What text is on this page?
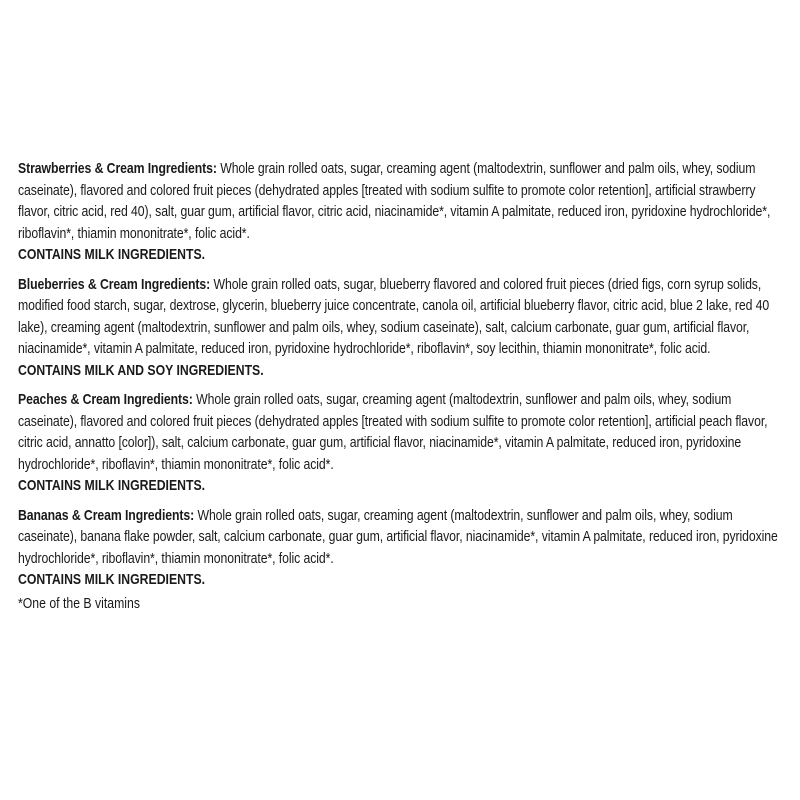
Strawberries & Cream Ingredients: Whole grain rolled oats, sugar, creaming agent (maltodextrin, sunflower and palm oils, whey, sodium caseinate), flavored and colored fruit pieces (dehydrated apples [treated with sodium sulfite to promote color retention], artificial strawberry flavor, citric acid, red 40), salt, guar gum, artificial flavor, citric acid, niacinamide*, vitamin A palmitate, reduced iron, pyridoxine hydrochloride*, riboflavin*, thiamin mononitrate*, folic acid*.
CONTAINS MILK INGREDIENTS.
Blueberries & Cream Ingredients: Whole grain rolled oats, sugar, blueberry flavored and colored fruit pieces (dried figs, corn syrup solids, modified food starch, sugar, dextrose, glycerin, blueberry juice concentrate, canola oil, artificial blueberry flavor, citric acid, blue 2 lake, red 40 lake), creaming agent (maltodextrin, sunflower and palm oils, whey, sodium caseinate), salt, calcium carbonate, guar gum, artificial flavor, niacinamide*, vitamin A palmitate, reduced iron, pyridoxine hydrochloride*, riboflavin*, soy lecithin, thiamin mononitrate*, folic acid.
CONTAINS MILK AND SOY INGREDIENTS.
Peaches & Cream Ingredients: Whole grain rolled oats, sugar, creaming agent (maltodextrin, sunflower and palm oils, whey, sodium caseinate), flavored and colored fruit pieces (dehydrated apples [treated with sodium sulfite to promote color retention], artificial peach flavor, citric acid, annatto [color]), salt, calcium carbonate, guar gum, artificial flavor, niacinamide*, vitamin A palmitate, reduced iron, pyridoxine hydrochloride*, riboflavin*, thiamin mononitrate*, folic acid*.
CONTAINS MILK INGREDIENTS.
Bananas & Cream Ingredients: Whole grain rolled oats, sugar, creaming agent (maltodextrin, sunflower and palm oils, whey, sodium caseinate), banana flake powder, salt, calcium carbonate, guar gum, artificial flavor, niacinamide*, vitamin A palmitate, reduced iron, pyridoxine hydrochloride*, riboflavin*, thiamin mononitrate*, folic acid*.
CONTAINS MILK INGREDIENTS.
*One of the B vitamins
